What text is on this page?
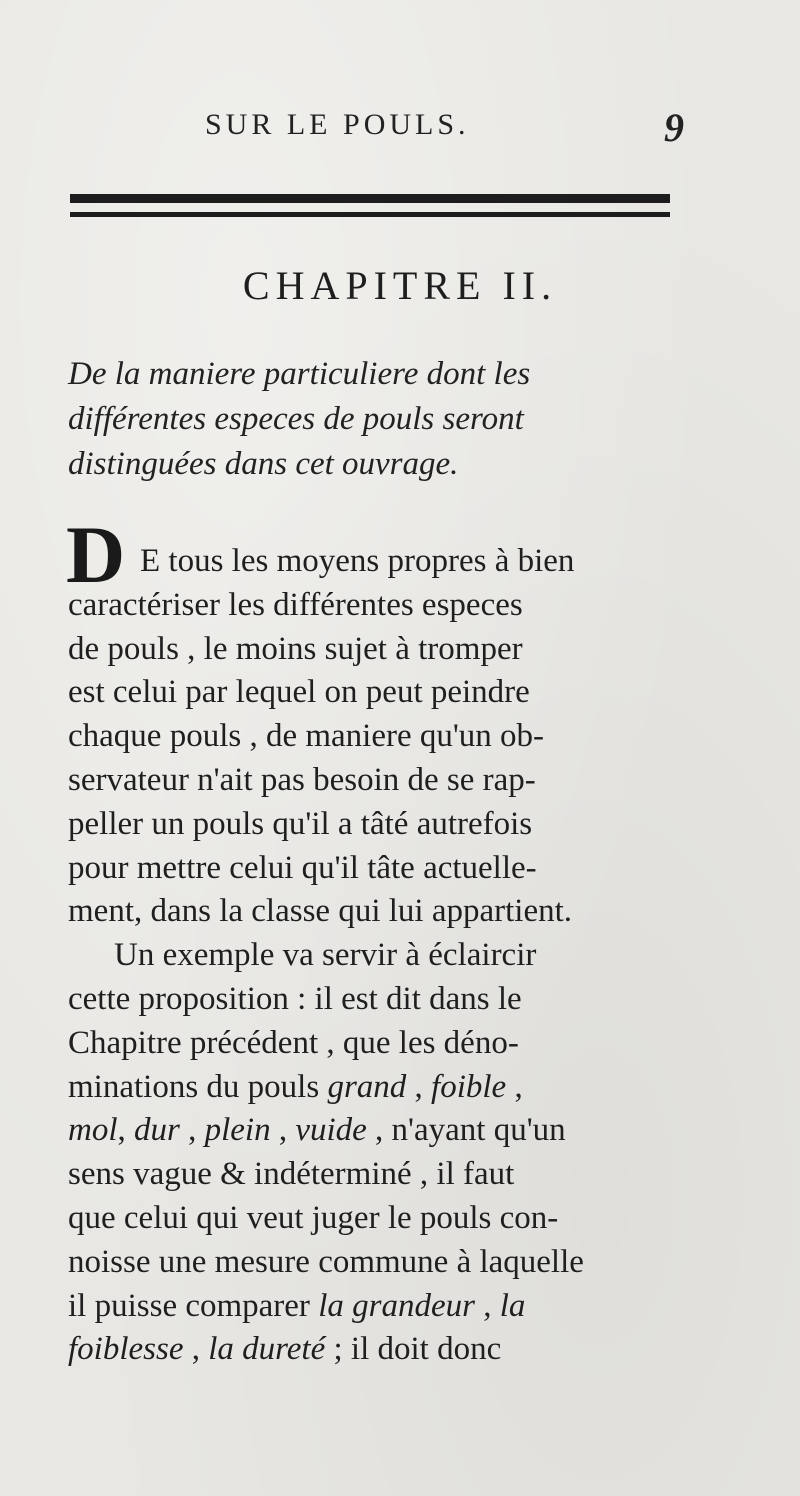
SUR LE POULS.	9
CHAPITRE II.
De la maniere particuliere dont les
différentes especes de pouls seront
distinguées dans cet ouvrage.
D E tous les moyens propres à bien
caractériser les différentes especes
de pouls , le moins sujet à tromper
est celui par lequel on peut peindre
chaque pouls , de maniere qu'un ob-
servateur n'ait pas besoin de se rap-
peller un pouls qu'il a tâté autrefois
pour mettre celui qu'il tâte actuelle-
ment, dans la classe qui lui appartient.
Un exemple va servir à éclaircir
cette proposition : il est dit dans le
Chapitre précédent , que les déno-
minations du pouls grand , foible ,
mol, dur , plein , vuide , n'ayant qu'un
sens vague & indéterminé , il faut
que celui qui veut juger le pouls con-
noisse une mesure commune à laquelle
il puisse comparer la grandeur , la
foiblesse , la dureté ; il doit donc
